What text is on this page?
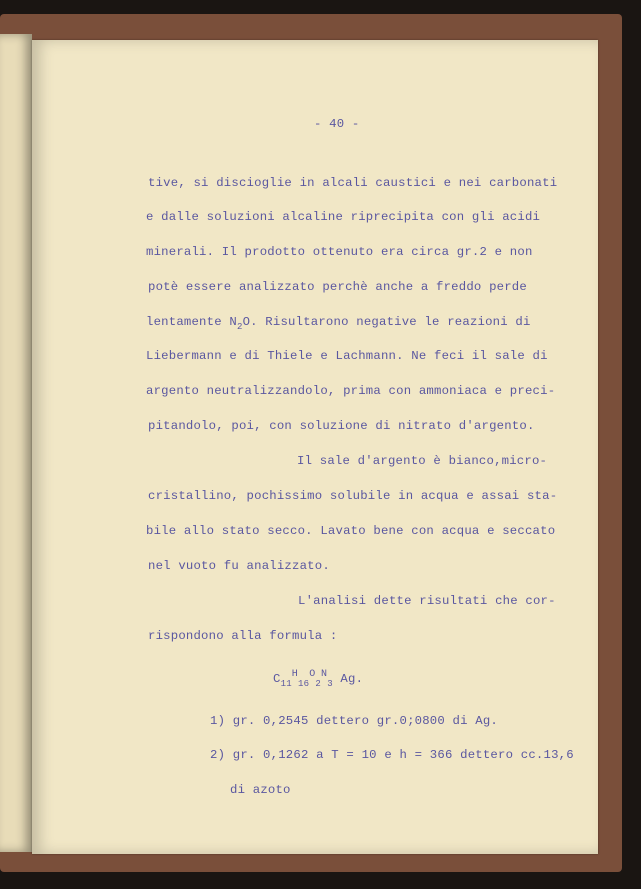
- 40 -
tive, si discioglie in alcali caustici e nei carbonati
e dalle soluzioni alcaline riprecipita con gli acidi
minerali. Il prodotto ottenuto era circa gr.2 e non
potè essere analizzato perchè anche a freddo perde
lentamente $N_2O$. Risultarono negative le reazioni di
Liebermann e di Thiele e Lachmann. Ne feci il sale di
argento neutralizzandolo, prima con ammoniaca e preci-
pitandolo, poi, con soluzione di nitrato d'argento.
Il sale d'argento è bianco,micro-
cristallino, pochissimo solubile in acqua e assai sta-
bile allo stato secco. Lavato bene con acqua e seccato
nel vuoto fu analizzato.
L'analisi dette risultati che cor-
rispondono alla formula :
$C_{11}^H_{16}^O_2^N_3$ Ag.
1) gr. 0,2545 dettero gr.0;0800 di Ag.
2) gr. 0,1262 a T = 10 e h = 366 dettero cc.13,6
di azoto
